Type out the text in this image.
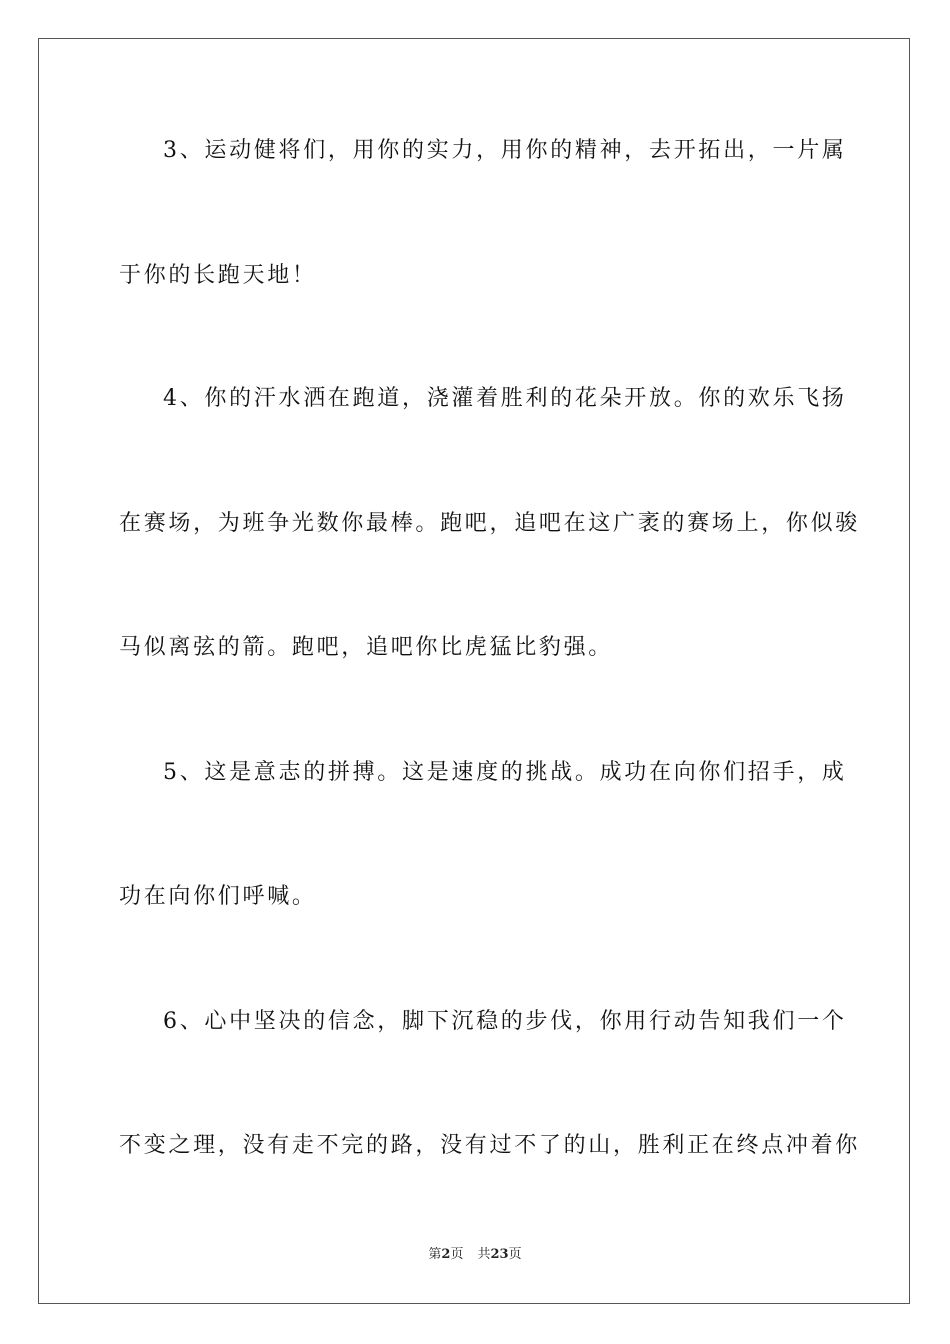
3、运动健将们，用你的实力，用你的精神，去开拓出，一片属
于你的长跑天地！
4、你的汗水洒在跑道，浇灌着胜利的花朵开放。你的欢乐飞扬
在赛场，为班争光数你最棒。跑吧，追吧在这广袤的赛场上，你似骏
马似离弦的箭。跑吧，追吧你比虎猛比豹强。
5、这是意志的拼搏。这是速度的挑战。成功在向你们招手，成
功在向你们呼喊。
6、心中坚决的信念，脚下沉稳的步伐，你用行动告知我们一个
不变之理，没有走不完的路，没有过不了的山，胜利正在终点冲着你
第2页 共23页
